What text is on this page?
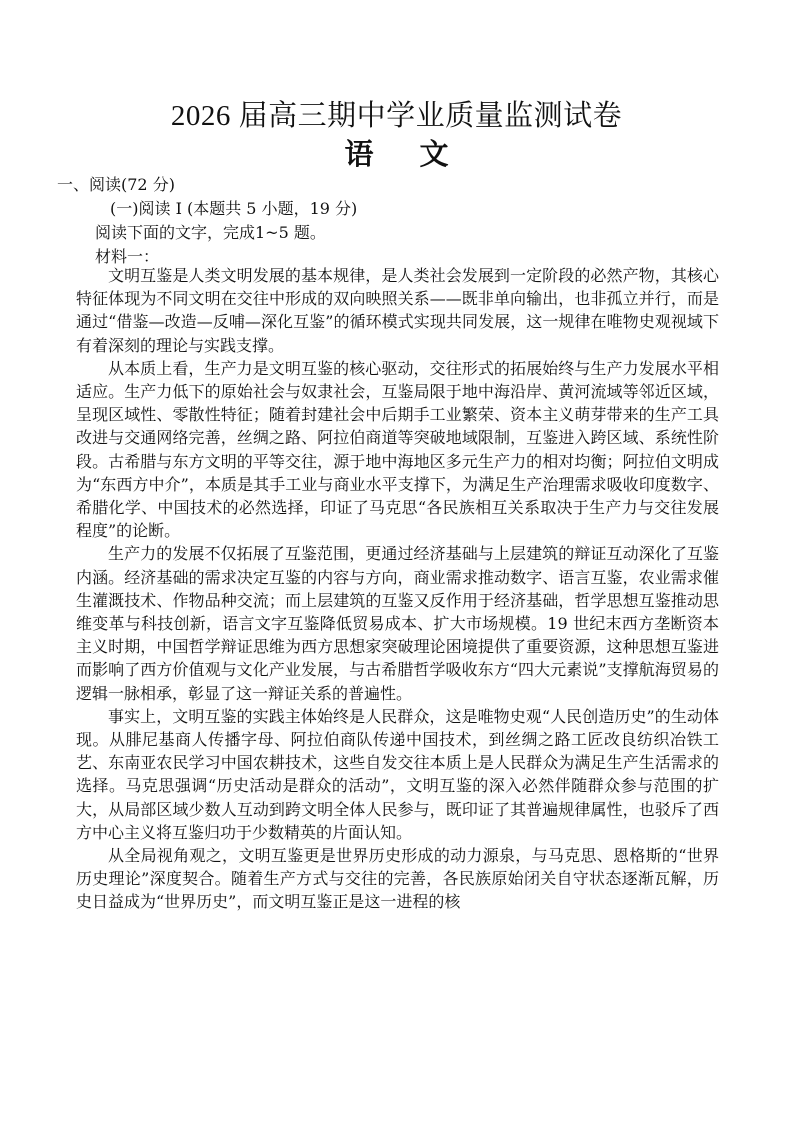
2026 届高三期中学业质量监测试卷
语 文
一、阅读(72 分)
(一)阅读 I (本题共 5 小题，19 分)
阅读下面的文字，完成1~5 题。
材料一：

文明互鉴是人类文明发展的基本规律，是人类社会发展到一定阶段的必然产物，其核心特征体现为不同文明在交往中形成的双向映照关系——既非单向输出，也非孤立并行，而是通过“借鉴—改造—反哺—深化互鉴”的循环模式实现共同发展，这一规律在唯物史观视域下有着深刻的理论与实践支撑。

从本质上看，生产力是文明互鉴的核心驱动，交往形式的拓展始终与生产力发展水平相适应。生产力低下的原始社会与奴隶社会，互鉴局限于地中海沿岸、黄河流域等邻近区域，呈现区域性、零散性特征；随着封建社会中后期手工业繁荣、资本主义萌芽带来的生产工具改进与交通网络完善，丝绸之路、阿拉伯商道等突破地域限制，互鉴进入跨区域、系统性阶段。古希腊与东方文明的平等交往，源于地中海地区多元生产力的相对均衡；阿拉伯文明成为“东西方中介”，本质是其手工业与商业水平支撑下，为满足生产治理需求吸收印度数字、希腊化学、中国技术的必然选择，印证了马克思“各民族相互关系取决于生产力与交往发展程度”的论断。

生产力的发展不仅拓展了互鉴范围，更通过经济基础与上层建筑的辩证互动深化了互鉴内涵。经济基础的需求决定互鉴的内容与方向，商业需求推动数字、语言互鉴，农业需求催生灌溉技术、作物品种交流；而上层建筑的互鉴又反作用于经济基础，哲学思想互鉴推动思维变革与科技创新，语言文字互鉴降低贸易成本、扩大市场规模。19 世纪末西方垄断资本主义时期，中国哲学辩证思维为西方思想家突破理论困境提供了重要资源，这种思想互鉴进而影响了西方价值观与文化产业发展，与古希腊哲学吸收东方“四大元素说”支撑航海贸易的逻辑一脉相承，彰显了这一辩证关系的普遍性。

事实上，文明互鉴的实践主体始终是人民群众，这是唯物史观“人民创造历史”的生动体现。从腓尼基商人传播字母、阿拉伯商队传递中国技术，到丝绸之路工匠改良纺织冶铁工艺、东南亚农民学习中国农耕技术，这些自发交往本质上是人民群众为满足生产生活需求的选择。马克思强调“历史活动是群众的活动”，文明互鉴的深入必然伴随群众参与范围的扩大，从局部区域少数人互动到跨文明全体人民参与，既印证了其普遍规律属性，也驳斥了西方中心主义将互鉴归功于少数精英的片面认知。

从全局视角观之，文明互鉴更是世界历史形成的动力源泉，与马克思、恩格斯的“世界历史理论”深度契合。随着生产方式与交往的完善，各民族原始闭关自守状态逐渐瓦解，历史日益成为“世界历史”，而文明互鉴正是这一进程的核
